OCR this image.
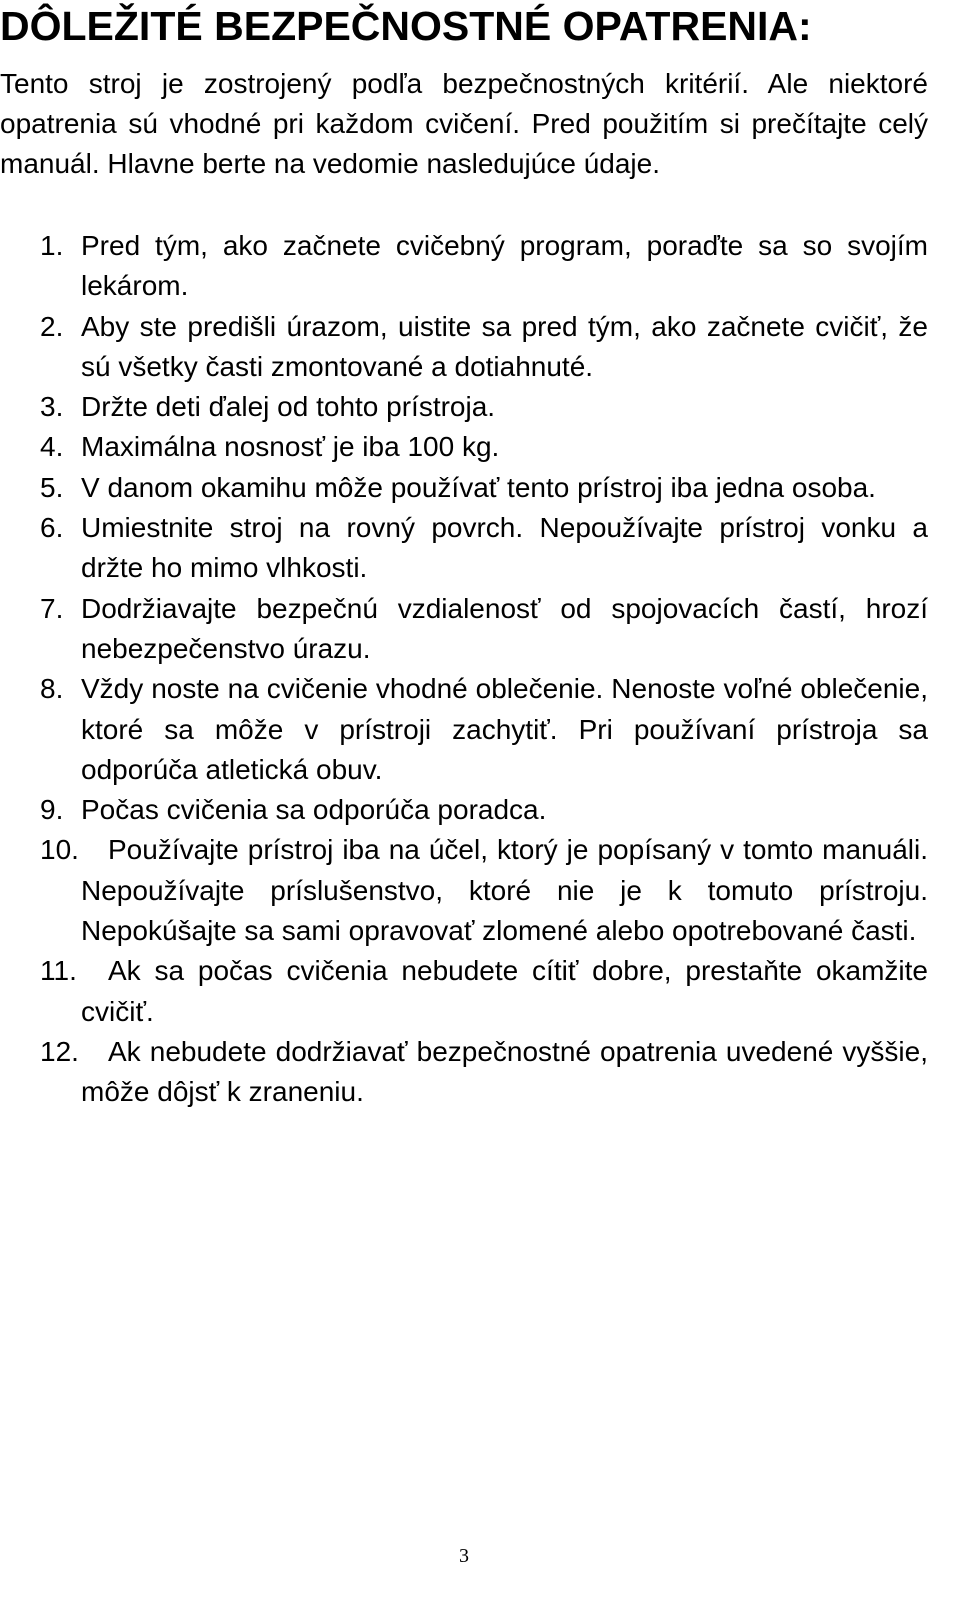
DÔLEŽITÉ BEZPEČNOSTNÉ OPATRENIA:

Tento stroj je zostrojený podľa bezpečnostných kritérií. Ale niektoré opatrenia sú vhodné pri každom cvičení. Pred použitím si prečítajte celý manuál. Hlavne berte na vedomie nasledujúce údaje.

1. Pred tým, ako začnete cvičebný program, poraďte sa so svojím lekárom.
2. Aby ste predišli úrazom, uistite sa pred tým, ako začnete cvičiť, že sú všetky časti zmontované a dotiahnuté.
3. Držte deti ďalej od tohto prístroja.
4. Maximálna nosnosť je iba 100 kg.
5. V danom okamihu môže používať tento prístroj iba jedna osoba.
6. Umiestnite stroj na rovný povrch. Nepoužívajte prístroj vonku a držte ho mimo vlhkosti.
7. Dodržiavajte bezpečnú vzdialenosť od spojovacích častí, hrozí nebezpečenstvo úrazu.
8. Vždy noste na cvičenie vhodné oblečenie. Nenoste voľné oblečenie, ktoré sa môže v prístroji zachytiť. Pri používaní prístroja sa odporúča atletická obuv.
9. Počas cvičenia sa odporúča poradca.
10.	Používajte prístroj iba na účel, ktorý je popísaný v tomto manuáli. Nepoužívajte príslušenstvo, ktoré nie je k tomuto prístroju. Nepokúšajte sa sami opravovať zlomené alebo opotrebované časti.
11.	Ak sa počas cvičenia nebudete cítiť dobre, prestaňte okamžite cvičiť.
12.	Ak nebudete dodržiavať bezpečnostné opatrenia uvedené vyššie, môže dôjsť k zraneniu.
3
